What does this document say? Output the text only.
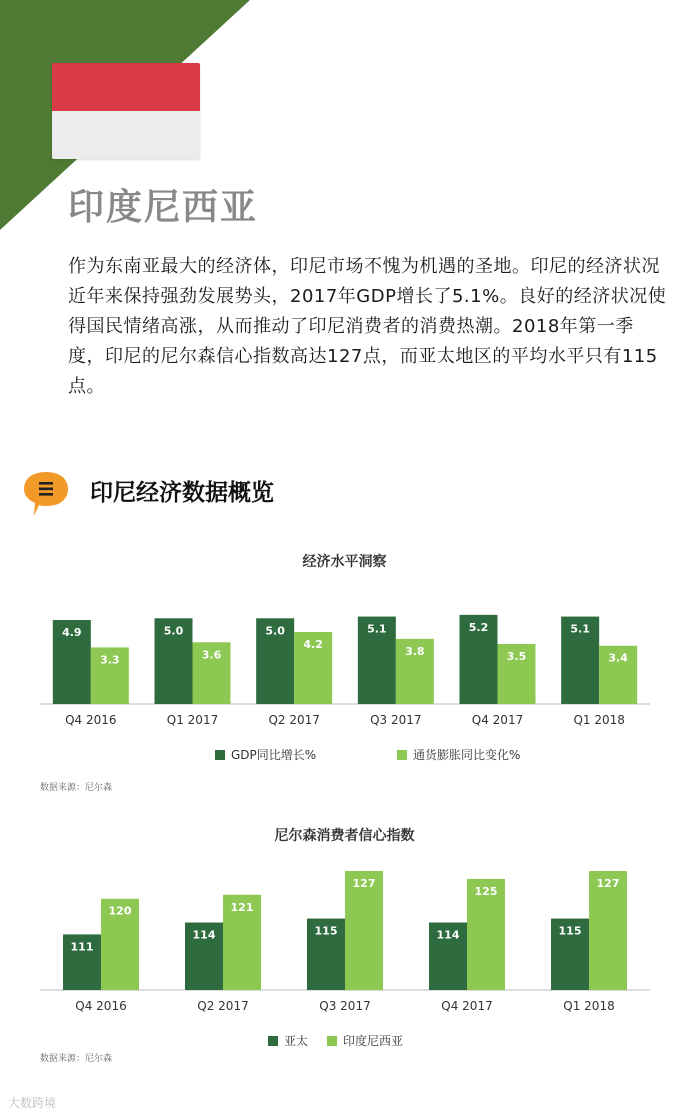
印度尼西亚

作为东南亚最大的经济体，印尼市场不愧为机遇的圣地。印尼的经济状况近年来保持强劲发展势头，2017年GDP增长了5.1%。良好的经济状况使得国民情绪高涨，从而推动了印尼消费者的消费热潮。2018年第一季度，印尼的尼尔森信心指数高达127点，而亚太地区的平均水平只有115点。

印尼经济数据概览
经济水平洞察
4.9
3.3
Q4 2016
5.0
3.6
Q1 2017
5.0
4.2
Q2 2017
5.1
3.8
Q3 2017
5.2
3.5
Q4 2017
5.1
3.4
Q1 2018
GDP同比增长%	通货膨胀同比变化%
数据来源：尼尔森
尼尔森消费者信心指数
111
120
Q4 2016
114
121
Q2 2017
115
127
Q3 2017
114
125
Q4 2017
115
127
Q1 2018
亚太	印度尼西亚
数据来源：尼尔森
大数跨境
